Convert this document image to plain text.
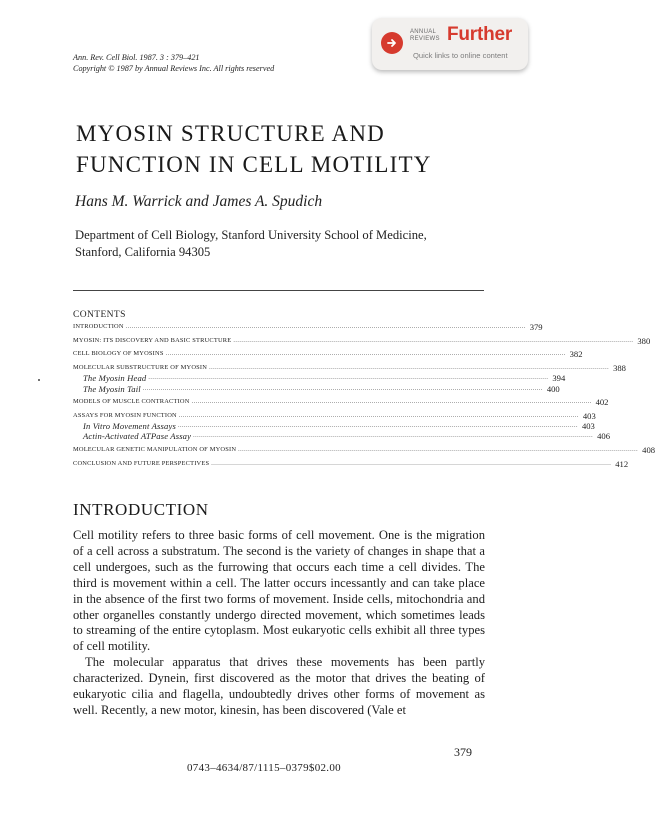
Ann. Rev. Cell Biol. 1987. 3 : 379–421
Copyright © 1987 by Annual Reviews Inc. All rights reserved
ANNUAL
REVIEWS Further
Quick links to online content
MYOSIN STRUCTURE AND
FUNCTION IN CELL MOTILITY
Hans M. Warrick and James A. Spudich
Department of Cell Biology, Stanford University School of Medicine,
Stanford, California 94305
CONTENTS
INTRODUCTION ........................................................................................................................................................................................................ 379
MYOSIN: ITS DISCOVERY AND BASIC STRUCTURE ........................................................................................................................................................................................................ 380
CELL BIOLOGY OF MYOSINS ........................................................................................................................................................................................................ 382
MOLECULAR SUBSTRUCTURE OF MYOSIN ........................................................................................................................................................................................................ 388
The Myosin Head ........................................................................................................................................................................................................ 394
The Myosin Tail ........................................................................................................................................................................................................ 400
MODELS OF MUSCLE CONTRACTION ........................................................................................................................................................................................................ 402
ASSAYS FOR MYOSIN FUNCTION ........................................................................................................................................................................................................ 403
In Vitro Movement Assays ........................................................................................................................................................................................................ 403
Actin-Activated ATPase Assay ........................................................................................................................................................................................................ 406
MOLECULAR GENETIC MANIPULATION OF MYOSIN ........................................................................................................................................................................................................ 408
CONCLUSION AND FUTURE PERSPECTIVES ........................................................................................................................................................................................................ 412
INTRODUCTION

Cell motility refers to three basic forms of cell movement. One is the migration of a cell across a substratum. The second is the variety of changes in shape that a cell undergoes, such as the furrowing that occurs each time a cell divides. The third is movement within a cell. The latter occurs incessantly and can take place in the absence of the first two forms of movement. Inside cells, mitochondria and other organelles constantly undergo directed movement, which sometimes leads to streaming of the entire cytoplasm. Most eukaryotic cells exhibit all three types of cell motility.

The molecular apparatus that drives these movements has been partly characterized. Dynein, first discovered as the motor that drives the beating of eukaryotic cilia and flagella, undoubtedly drives other forms of movement as well. Recently, a new motor, kinesin, has been discovered (Vale et

379
0743–4634/87/1115–0379$02.00
